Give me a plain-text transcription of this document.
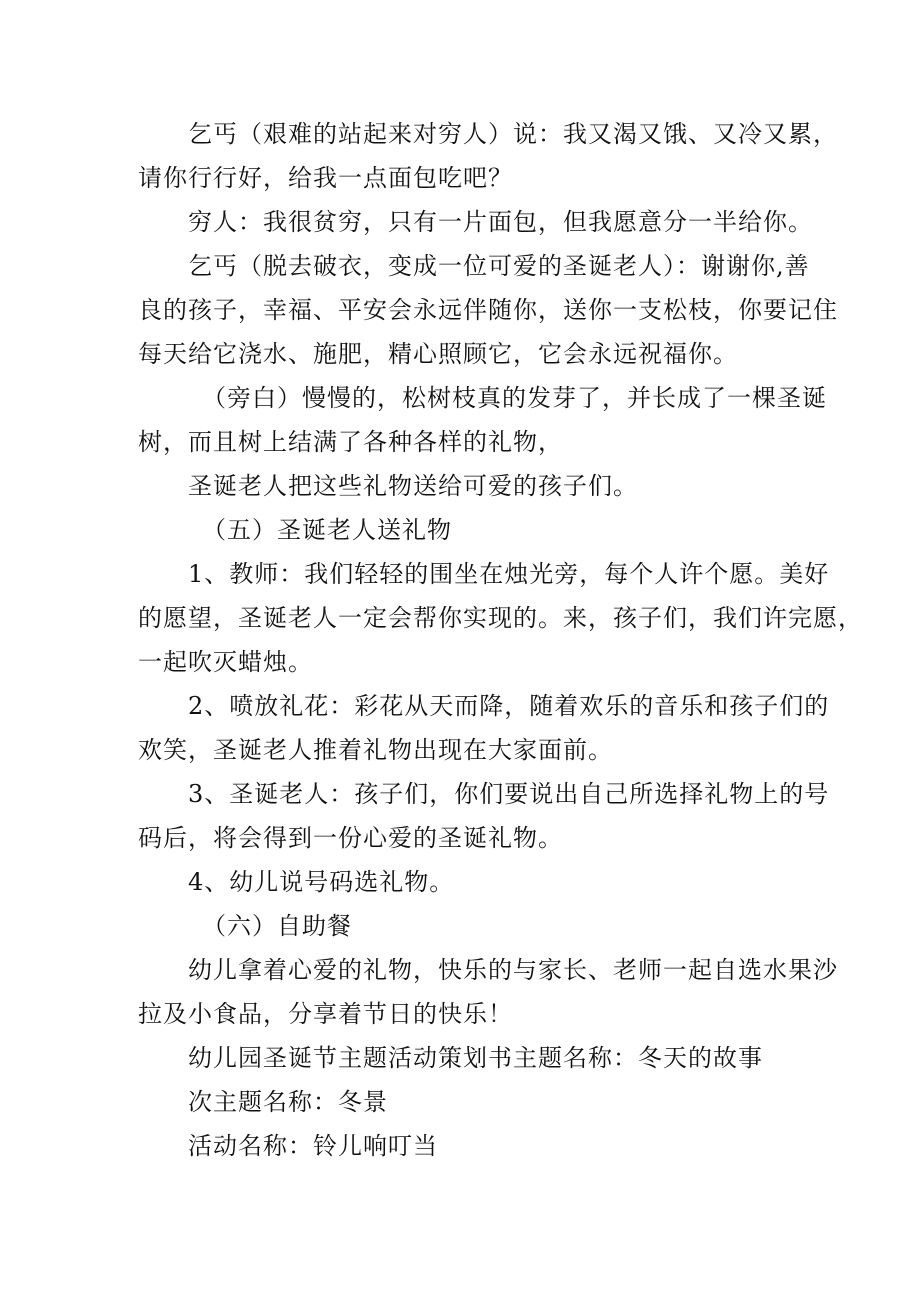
乞丐（艰难的站起来对穷人）说：我又渴又饿、又冷又累，
请你行行好，给我一点面包吃吧？
穷人：我很贫穷，只有一片面包，但我愿意分一半给你。
乞丐（脱去破衣，变成一位可爱的圣诞老人）：谢谢你,善
良的孩子，幸福、平安会永远伴随你，送你一支松枝，你要记住
每天给它浇水、施肥，精心照顾它，它会永远祝福你。
（旁白）慢慢的，松树枝真的发芽了，并长成了一棵圣诞
树，而且树上结满了各种各样的礼物，
圣诞老人把这些礼物送给可爱的孩子们。
（五）圣诞老人送礼物
1、教师：我们轻轻的围坐在烛光旁，每个人许个愿。美好
的愿望，圣诞老人一定会帮你实现的。来，孩子们，我们许完愿，
一起吹灭蜡烛。
2、喷放礼花：彩花从天而降，随着欢乐的音乐和孩子们的
欢笑，圣诞老人推着礼物出现在大家面前。
3、圣诞老人：孩子们，你们要说出自己所选择礼物上的号
码后，将会得到一份心爱的圣诞礼物。
4、幼儿说号码选礼物。
（六）自助餐
幼儿拿着心爱的礼物，快乐的与家长、老师一起自选水果沙
拉及小食品，分享着节日的快乐！
幼儿园圣诞节主题活动策划书主题名称：冬天的故事
次主题名称：冬景
活动名称：铃儿响叮当
